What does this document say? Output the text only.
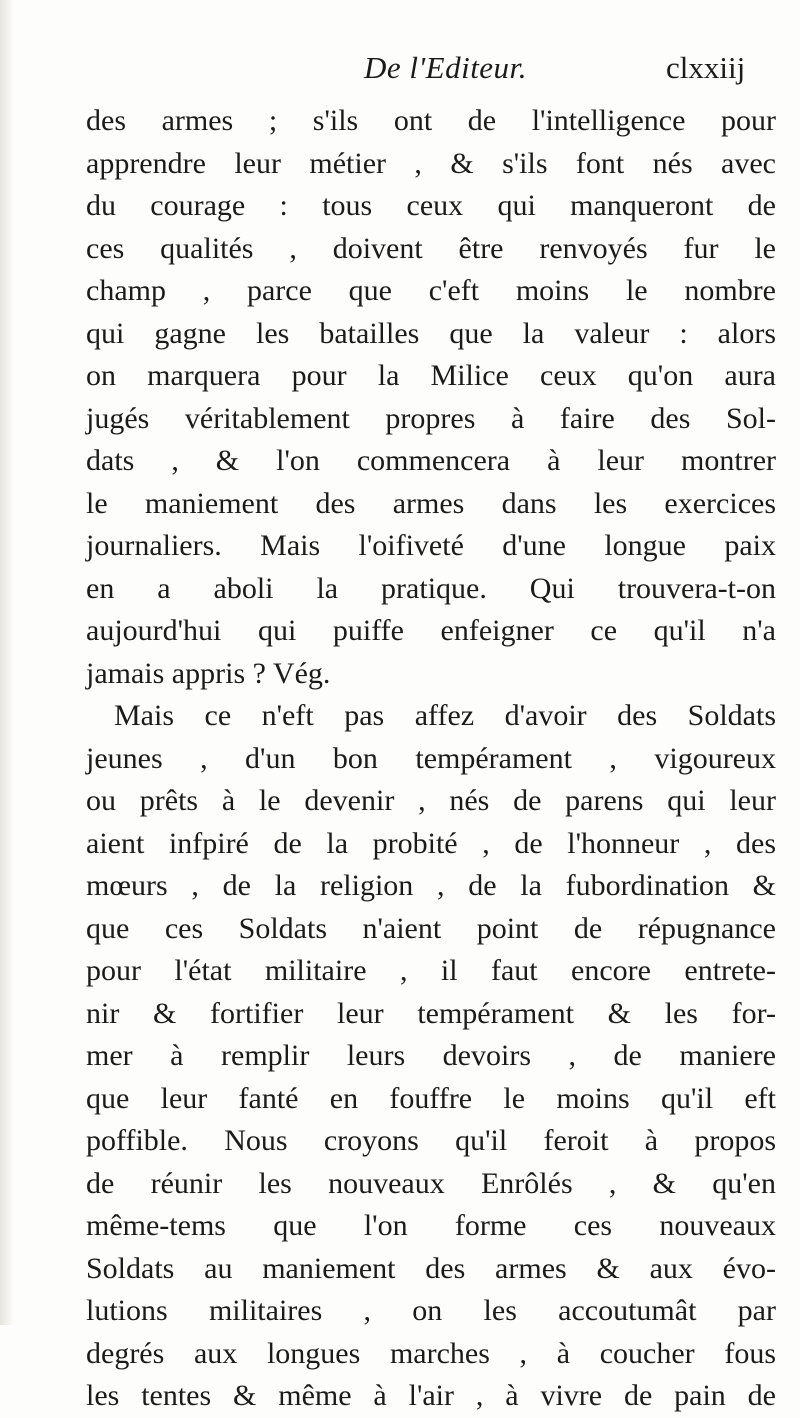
De l'Editeur.	clxxiij
des armes ; s'ils ont de l'intelligence pour
apprendre leur métier , & s'ils font nés avec
du courage : tous ceux qui manqueront de
ces qualités , doivent être renvoyés fur le
champ , parce que c'eft moins le nombre
qui gagne les batailles que la valeur : alors
on marquera pour la Milice ceux qu'on aura
jugés véritablement propres à faire des Sol-
dats , & l'on commencera à leur montrer
le maniement des armes dans les exercices
journaliers. Mais l'oifiveté d'une longue paix
en a aboli la pratique. Qui trouvera-t-on
aujourd'hui qui puiffe enfeigner ce qu'il n'a
jamais appris ? Vég.
Mais ce n'eft pas affez d'avoir des Soldats
jeunes , d'un bon tempérament , vigoureux
ou prêts à le devenir , nés de parens qui leur
aient infpiré de la probité , de l'honneur , des
mœurs , de la religion , de la fubordination &
que ces Soldats n'aient point de répugnance
pour l'état militaire , il faut encore entrete-
nir & fortifier leur tempérament & les for-
mer à remplir leurs devoirs , de maniere
que leur fanté en fouffre le moins qu'il eft
poffible. Nous croyons qu'il feroit à propos
de réunir les nouveaux Enrôlés , & qu'en
même-tems que l'on forme ces nouveaux
Soldats au maniement des armes & aux évo-
lutions militaires , on les accoutumât par
degrés aux longues marches , à coucher fous
les tentes & même à l'air , à vivre de pain de
